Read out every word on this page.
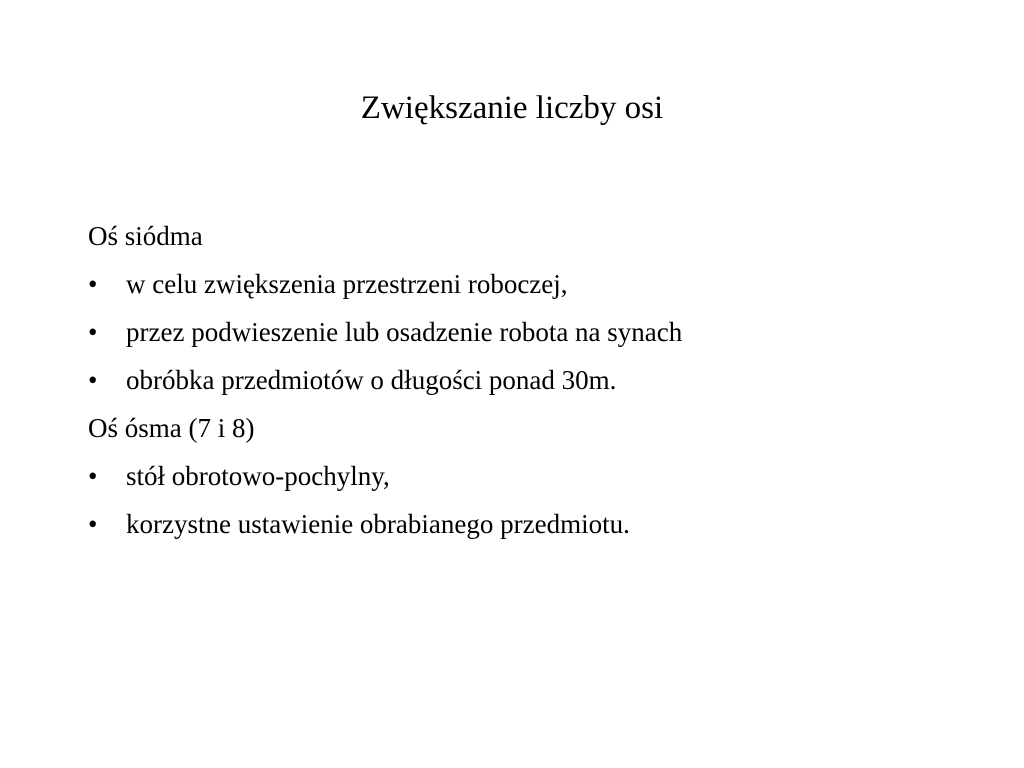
Zwiększanie liczby osi
Oś siódma
•	w celu zwiększenia przestrzeni roboczej,
•	przez podwieszenie lub osadzenie robota na synach
•	obróbka przedmiotów o długości ponad 30m.
Oś ósma (7 i 8)
•	stół obrotowo-pochylny,
•	korzystne ustawienie obrabianego przedmiotu.
